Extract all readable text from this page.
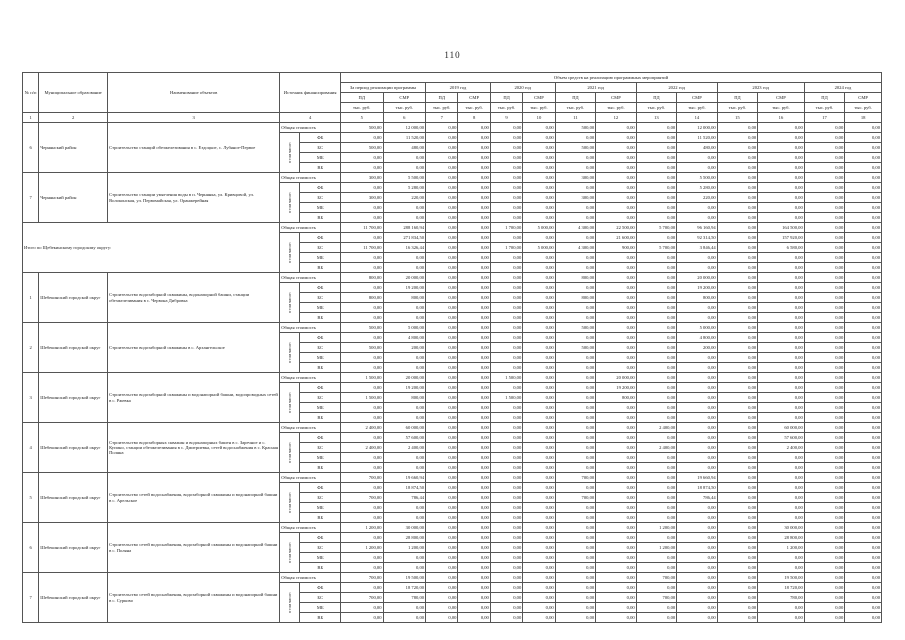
110
№ п/п	Муниципальное образование	Наименование объектов	Источник финансирования		Объем средств на реализацию программных мероприятий													
					За период реализации программы		2019 год		2020 год		2021 год		2022 год		2023 год		2024 год	
					ПД	СМР	ПД	СМР	ПД	СМР	ПД	СМР	ПД	СМР	ПД	СМР	ПД	СМР
					тыс. руб.	тыс. руб.	тыс. руб.	тыс. руб.	тыс. руб.	тыс. руб.	тыс. руб.	тыс. руб.	тыс. руб.	тыс. руб.	тыс. руб.	тыс. руб.	тыс. руб.	тыс. руб.
1	2	3	4		5	6	7	8	9	10	11	12	13	14	15	16	17	18
6	Чернянский район	Строительство станций обезжелезивания в с. Ездоцкое, с. Лубяное-Первое	Общая стоимость		500,00	12 000,00	0,00	0,00	0,00	0,00	500,00	0,00	0,00	12 000,00	0,00	0,00	0,00	0,00
			в том числе:	ФБ	0,00	11 520,00	0,00	0,00	0,00	0,00	0,00	0,00	0,00	11 520,00	0,00	0,00	0,00	0,00
				БС	500,00	480,00	0,00	0,00	0,00	0,00	500,00	0,00	0,00	480,00	0,00	0,00	0,00	0,00
				МБ	0,00	0,00	0,00	0,00	0,00	0,00	0,00	0,00	0,00	0,00	0,00	0,00	0,00	0,00
				ВБ	0,00	0,00	0,00	0,00	0,00	0,00	0,00	0,00	0,00	0,00	0,00	0,00	0,00	0,00
7	Чернянский район	Строительство станции умягчения воды в п. Чернянка, ул. Кривцовой, ул. Волоконская, ул. Первомайская, ул. Оранжерейная	Общая стоимость		300,00	5 500,00	0,00	0,00	0,00	0,00	300,00	0,00	0,00	5 500,00	0,00	0,00	0,00	0,00
			в том числе:	ФБ	0,00	5 280,00	0,00	0,00	0,00	0,00	0,00	0,00	0,00	5 280,00	0,00	0,00	0,00	0,00
				БС	300,00	220,00	0,00	0,00	0,00	0,00	300,00	0,00	0,00	220,00	0,00	0,00	0,00	0,00
				МБ	0,00	0,00	0,00	0,00	0,00	0,00	0,00	0,00	0,00	0,00	0,00	0,00	0,00	0,00
				ВБ	0,00	0,00	0,00	0,00	0,00	0,00	0,00	0,00	0,00	0,00	0,00	0,00	0,00	0,00
Итого по Щебекинскому городскому округу:			Общая стоимость		11 700,00	288 160,94	0,00	0,00	1 700,00	5 000,00	4 300,00	22 500,00	5 700,00	96 160,94	0,00	164 500,00	0,00	0,00
			в том числе:	ФБ	0,00	271 834,50	0,00	0,00	0,00	0,00	0,00	21 600,00	0,00	92 314,50	0,00	157 920,00	0,00	0,00
				БС	11 700,00	16 326,44	0,00	0,00	1 700,00	5 000,00	4 300,00	900,00	5 700,00	3 846,44	0,00	6 580,00	0,00	0,00
				МБ	0,00	0,00	0,00	0,00	0,00	0,00	0,00	0,00	0,00	0,00	0,00	0,00	0,00	0,00
				ВБ	0,00	0,00	0,00	0,00	0,00	0,00	0,00	0,00	0,00	0,00	0,00	0,00	0,00	0,00
1	Шебекинский городской округ	Строительство водозаборной скважины, водонапорной башни, станции обезжелезивания в с. Червона Дибровка	Общая стоимость		800,00	20 000,00	0,00	0,00	0,00	0,00	800,00	0,00	0,00	20 000,00	0,00	0,00	0,00	0,00
			в том числе:	ФБ	0,00	19 200,00	0,00	0,00	0,00	0,00	0,00	0,00	0,00	19 200,00	0,00	0,00	0,00	0,00
				БС	800,00	800,00	0,00	0,00	0,00	0,00	800,00	0,00	0,00	800,00	0,00	0,00	0,00	0,00
				МБ	0,00	0,00	0,00	0,00	0,00	0,00	0,00	0,00	0,00	0,00	0,00	0,00	0,00	0,00
				ВБ	0,00	0,00	0,00	0,00	0,00	0,00	0,00	0,00	0,00	0,00	0,00	0,00	0,00	0,00
2	Шебекинский городской округ	Строительство водозаборной скважины в с. Архангельское	Общая стоимость		500,00	5 000,00	0,00	0,00	0,00	0,00	500,00	0,00	0,00	5 000,00	0,00	0,00	0,00	0,00
			в том числе:	ФБ	0,00	4 800,00	0,00	0,00	0,00	0,00	0,00	0,00	0,00	4 800,00	0,00	0,00	0,00	0,00
				БС	500,00	200,00	0,00	0,00	0,00	0,00	500,00	0,00	0,00	200,00	0,00	0,00	0,00	0,00
				МБ	0,00	0,00	0,00	0,00	0,00	0,00	0,00	0,00	0,00	0,00	0,00	0,00	0,00	0,00
				ВБ	0,00	0,00	0,00	0,00	0,00	0,00	0,00	0,00	0,00	0,00	0,00	0,00	0,00	0,00
3	Шебекинский городской округ	Строительство водозаборной скважины и водонапорной башни, водопроводных сетей в с. Ржевка	Общая стоимость		1 500,00	20 000,00	0,00	0,00	1 500,00	0,00	0,00	20 000,00	0,00	0,00	0,00	0,00	0,00	0,00
			в том числе:	ФБ	0,00	19 200,00	0,00	0,00	0,00	0,00	0,00	19 200,00	0,00	0,00	0,00	0,00	0,00	0,00
				БС	1 500,00	800,00	0,00	0,00	1 500,00	0,00	0,00	800,00	0,00	0,00	0,00	0,00	0,00	0,00
				МБ	0,00	0,00	0,00	0,00	0,00	0,00	0,00	0,00	0,00	0,00	0,00	0,00	0,00	0,00
				ВБ	0,00	0,00	0,00	0,00	0,00	0,00	0,00	0,00	0,00	0,00	0,00	0,00	0,00	0,00
4	Шебекинский городской округ	Строительство водозаборных скважин и водонапорных башен в с. Заречное и с. Купино, станции обезжелезивания в с. Дмитриевка, сетей водоснабжения в с. Красная Поляна	Общая стоимость		2 400,00	60 000,00	0,00	0,00	0,00	0,00	0,00	0,00	2 400,00	0,00	0,00	60 000,00	0,00	0,00
			в том числе:	ФБ	0,00	57 600,00	0,00	0,00	0,00	0,00	0,00	0,00	0,00	0,00	0,00	57 600,00	0,00	0,00
				БС	2 400,00	2 400,00	0,00	0,00	0,00	0,00	0,00	0,00	2 400,00	0,00	0,00	2 400,00	0,00	0,00
				МБ	0,00	0,00	0,00	0,00	0,00	0,00	0,00	0,00	0,00	0,00	0,00	0,00	0,00	0,00
				ВБ	0,00	0,00	0,00	0,00	0,00	0,00	0,00	0,00	0,00	0,00	0,00	0,00	0,00	0,00
5	Шебекинский городской округ	Строительство сетей водоснабжения, водозаборной скважины и водонапорной башни в с. Арельское	Общая стоимость		700,00	19 660,94	0,00	0,00	0,00	0,00	700,00	0,00	0,00	19 660,94	0,00	0,00	0,00	0,00
			в том числе:	ФБ	0,00	18 874,50	0,00	0,00	0,00	0,00	0,00	0,00	0,00	18 874,50	0,00	0,00	0,00	0,00
				БС	700,00	786,44	0,00	0,00	0,00	0,00	700,00	0,00	0,00	786,44	0,00	0,00	0,00	0,00
				МБ	0,00	0,00	0,00	0,00	0,00	0,00	0,00	0,00	0,00	0,00	0,00	0,00	0,00	0,00
				ВБ	0,00	0,00	0,00	0,00	0,00	0,00	0,00	0,00	0,00	0,00	0,00	0,00	0,00	0,00
6	Шебекинский городской округ	Строительство сетей водоснабжения, водозаборной скважины и водонапорной башни в с. Поляна	Общая стоимость		1 200,00	30 000,00	0,00	0,00	0,00	0,00	0,00	0,00	1 200,00	0,00	0,00	30 000,00	0,00	0,00
			в том числе:	ФБ	0,00	28 800,00	0,00	0,00	0,00	0,00	0,00	0,00	0,00	0,00	0,00	28 800,00	0,00	0,00
				БС	1 200,00	1 200,00	0,00	0,00	0,00	0,00	0,00	0,00	1 200,00	0,00	0,00	1 200,00	0,00	0,00
				МБ	0,00	0,00	0,00	0,00	0,00	0,00	0,00	0,00	0,00	0,00	0,00	0,00	0,00	0,00
				ВБ	0,00	0,00	0,00	0,00	0,00	0,00	0,00	0,00	0,00	0,00	0,00	0,00	0,00	0,00
7	Шебекинский городской округ	Строительство сетей водоснабжения, водозаборной скважины и водонапорной башни в с. Сурково	Общая стоимость		700,00	19 500,00	0,00	0,00	0,00	0,00	0,00	0,00	700,00	0,00	0,00	19 500,00	0,00	0,00
			в том числе:	ФБ	0,00	18 720,00	0,00	0,00	0,00	0,00	0,00	0,00	0,00	0,00	0,00	18 720,00	0,00	0,00
				БС	700,00	780,00	0,00	0,00	0,00	0,00	0,00	0,00	700,00	0,00	0,00	780,00	0,00	0,00
				МБ	0,00	0,00	0,00	0,00	0,00	0,00	0,00	0,00	0,00	0,00	0,00	0,00	0,00	0,00
				ВБ	0,00	0,00	0,00	0,00	0,00	0,00	0,00	0,00	0,00	0,00	0,00	0,00	0,00	0,00
